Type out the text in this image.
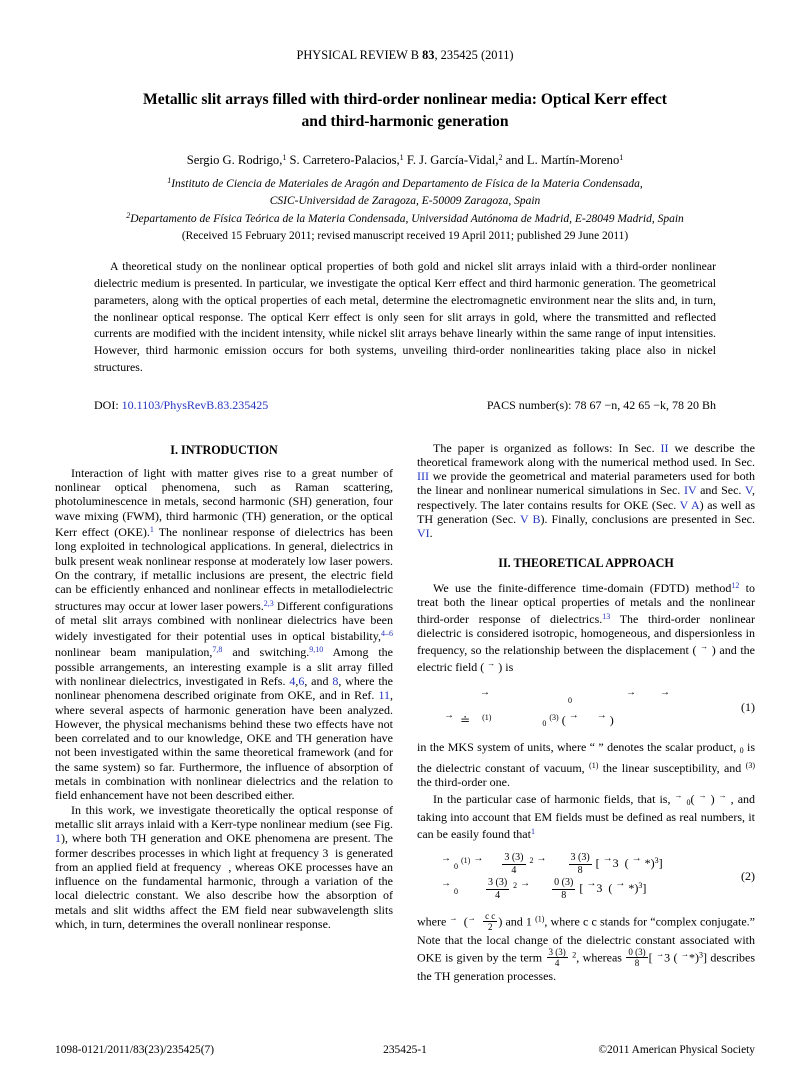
PHYSICAL REVIEW B 83, 235425 (2011)
Metallic slit arrays filled with third-order nonlinear media: Optical Kerr effect
and third-harmonic generation
Sergio G. Rodrigo,$^1$ S. Carretero-Palacios,$^1$ F. J. García-Vidal,$^2$ and L. Martín-Moreno$^1$
$^1$Instituto de Ciencia de Materiales de Aragón and Departamento de Física de la Materia Condensada,
CSIC-Universidad de Zaragoza, E-50009 Zaragoza, Spain
$^2$Departamento de Física Teórica de la Materia Condensada, Universidad Autónoma de Madrid, E-28049 Madrid, Spain
(Received 15 February 2011; revised manuscript received 19 April 2011; published 29 June 2011)

A theoretical study on the nonlinear optical properties of both gold and nickel slit arrays inlaid with a third-order nonlinear dielectric medium is presented. In particular, we investigate the optical Kerr effect and third harmonic generation. The geometrical parameters, along with the optical properties of each metal, determine the electromagnetic environment near the slits and, in turn, the nonlinear optical response. The optical Kerr effect is only seen for slit arrays in gold, where the transmitted and reflected currents are modified with the incident intensity, while nickel slit arrays behave linearly within the same range of input intensities. However, third harmonic emission occurs for both systems, unveiling third-order nonlinearities taking place also in nickel structures.

DOI: 10.1103/PhysRevB.83.235425	PACS number(s): 78 67 −n, 42 65 −k, 78 20 Bh
I. INTRODUCTION

Interaction of light with matter gives rise to a great number of nonlinear optical phenomena, such as Raman scattering, photoluminescence in metals, second harmonic (SH) generation, four wave mixing (FWM), third harmonic (TH) generation, or the optical Kerr effect (OKE).$^1$ The nonlinear response of dielectrics has been long exploited in technological applications. In general, dielectrics in bulk present weak nonlinear response at moderately low laser powers. On the contrary, if metallic inclusions are present, the electric field can be efficiently enhanced and nonlinear effects in metallodielectric structures may occur at lower laser powers.$^{2,3}$ Different configurations of metal slit arrays combined with nonlinear dielectrics have been widely investigated for their potential uses in optical bistability,$^{4-6}$ nonlinear beam manipulation,$^{7,8}$ and switching.$^{9,10}$ Among the possible arrangements, an interesting example is a slit array filled with nonlinear dielectrics, investigated in Refs. 4,6, and 8, where the nonlinear phenomena described originate from OKE, and in Ref. 11, where several aspects of harmonic generation have been analyzed. However, the physical mechanisms behind these two effects have not been correlated and to our knowledge, OKE and TH generation have not been investigated within the same theoretical framework (and for the same system) so far. Furthermore, the influence of absorption of metals in combination with nonlinear dielectrics and the relation to field enhancement have not been described either.

In this work, we investigate theoretically the optical response of metallic slit arrays inlaid with a Kerr-type nonlinear medium (see Fig. 1), where both TH generation and OKE phenomena are present. The former describes processes in which light at frequency 3  is generated from an applied field at frequency  , whereas OKE processes have an influence on the fundamental harmonic, through a variation of the local dielectric constant. We also describe how the absorption of metals and slit widths affect the EM field near subwavelength slits which, in turn, determines the overall nonlinear response.

The paper is organized as follows: In Sec. II we describe the theoretical framework along with the numerical method used. In Sec. III we provide the geometrical and material parameters used for both the linear and nonlinear numerical simulations in Sec. IV and Sec. V, respectively. The later contains results for OKE (Sec. V A) as well as TH generation (Sec. V B). Finally, conclusions are presented in Sec. VI.

II. THEORETICAL APPROACH

We use the finite-difference time-domain (FDTD) method$^{12}$ to treat both the linear optical properties of metals and the nonlinear third-order response of dielectrics.$^{13}$ The third-order nonlinear dielectric is considered isotropic, homogeneous, and dispersionless in frequency, so the relationship between the displacement ( → ) and the electric field ( → ) is

→                          $_0$                  → →
→  ≐    $^{(1)}$                 $_0$ $^{(3)}$ ( → → )
(1)

in the MKS system of units, where “ ” denotes the scalar product, $_0$ is the dielectric constant of vacuum, $^{(1)}$ the linear susceptibility, and $^{(3)}$ the third-order one.

In the particular case of harmonic fields, that is, → $_0$( → ) → , and taking into account that EM fields must be defined as real numbers, it can be easily found that$^1$

→ $_0$ $^{(1)}$ $^\to \frac{3 (3)}{4} ^2$ $^\to \frac{3 (3)}{8}$ [ →3  ( → *)$^3$]
→ $_0$	$\frac{3 (3)}{4} ^2$ $^\to \frac{0 (3)}{8}$ [ →3  ( → *)$^3$]
(2)

where →  ($^\to \frac{\text{c c}}{2}$ ) and 1 $^{(1)}$, where c c stands for “complex conjugate.” Note that the local change of the dielectric constant associated with OKE is given by the term $\frac{3 (3)}{4} ^2$, whereas $\frac{0 (3)}{8}$ [ →3 ( →*)$^3$] describes the TH generation processes.

1098-0121/2011/83(23)/235425(7)	235425-1	©2011 American Physical Society
